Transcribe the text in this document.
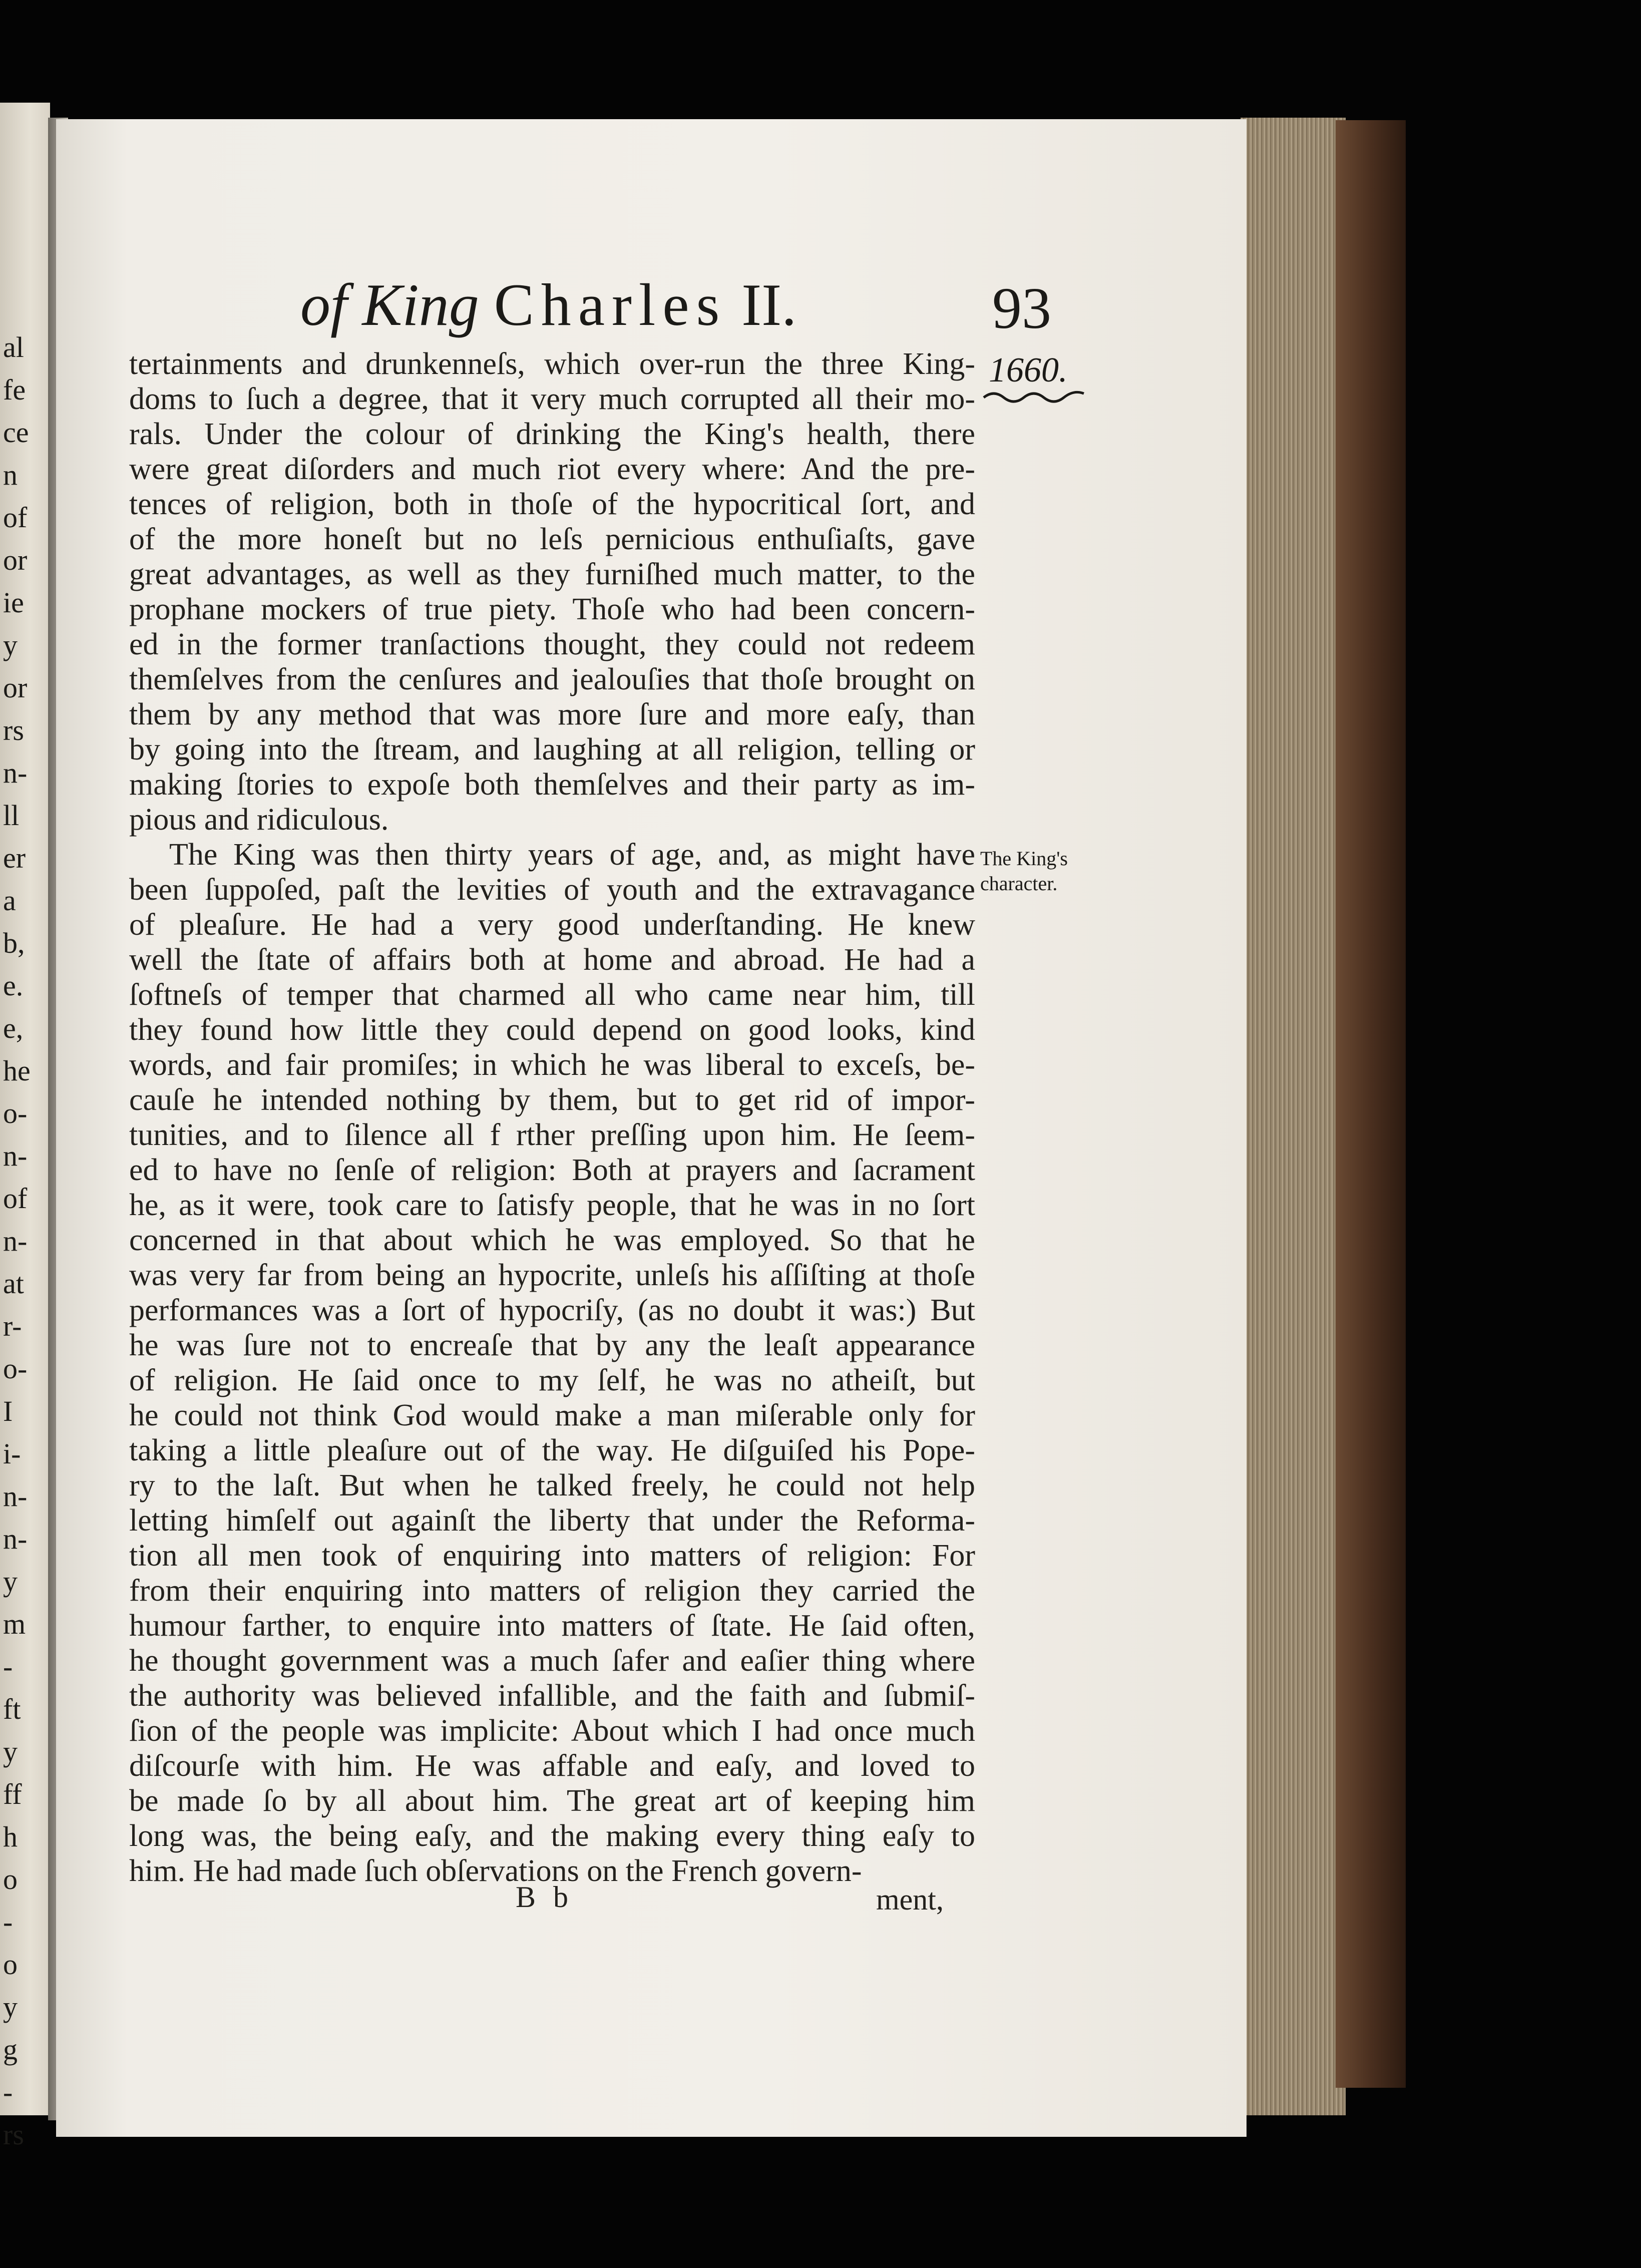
al
fe
ce
n
of
or
ie
y
or
rs
n-
ll
er
a
b,
e.
e,
he
o-
n-
of
n-
at
r-
o-
I
i-
n-
n-
y
m
-
ft
y
ff
h
o
-
o
y
g
-
rs
of King Charles II.	93
1660.
The King's
character.
tertainments and drunkenneſs, which over-run the three King-
doms to ſuch a degree, that it very much corrupted all their mo-
rals. Under the colour of drinking the King's health, there
were great diſorders and much riot every where: And the pre-
tences of religion, both in thoſe of the hypocritical ſort, and
of the more honeſt but no leſs pernicious enthuſiaſts, gave
great advantages, as well as they furniſhed much matter, to the
prophane mockers of true piety. Thoſe who had been concern-
ed in the former tranſactions thought, they could not redeem
themſelves from the cenſures and jealouſies that thoſe brought on
them by any method that was more ſure and more eaſy, than
by going into the ſtream, and laughing at all religion, telling or
making ſtories to expoſe both themſelves and their party as im-
pious and ridiculous.
The King was then thirty years of age, and, as might have
been ſuppoſed, paſt the levities of youth and the extravagance
of pleaſure. He had a very good underſtanding. He knew
well the ſtate of affairs both at home and abroad. He had a
ſoftneſs of temper that charmed all who came near him, till
they found how little they could depend on good looks, kind
words, and fair promiſes; in which he was liberal to exceſs, be-
cauſe he intended nothing by them, but to get rid of impor-
tunities, and to ſilence all f rther preſſing upon him. He ſeem-
ed to have no ſenſe of religion: Both at prayers and ſacrament
he, as it were, took care to ſatisfy people, that he was in no ſort
concerned in that about which he was employed. So that he
was very far from being an hypocrite, unleſs his aſſiſting at thoſe
performances was a ſort of hypocriſy, (as no doubt it was:) But
he was ſure not to encreaſe that by any the leaſt appearance
of religion. He ſaid once to my ſelf, he was no atheiſt, but
he could not think God would make a man miſerable only for
taking a little pleaſure out of the way. He diſguiſed his Pope-
ry to the laſt. But when he talked freely, he could not help
letting himſelf out againſt the liberty that under the Reforma-
tion all men took of enquiring into matters of religion: For
from their enquiring into matters of religion they carried the
humour farther, to enquire into matters of ſtate. He ſaid often,
he thought government was a much ſafer and eaſier thing where
the authority was believed infallible, and the faith and ſubmiſ-
ſion of the people was implicite: About which I had once much
diſcourſe with him. He was affable and eaſy, and loved to
be made ſo by all about him. The great art of keeping him
long was, the being eaſy, and the making every thing eaſy to
him. He had made ſuch obſervations on the French govern-
B b	ment,
